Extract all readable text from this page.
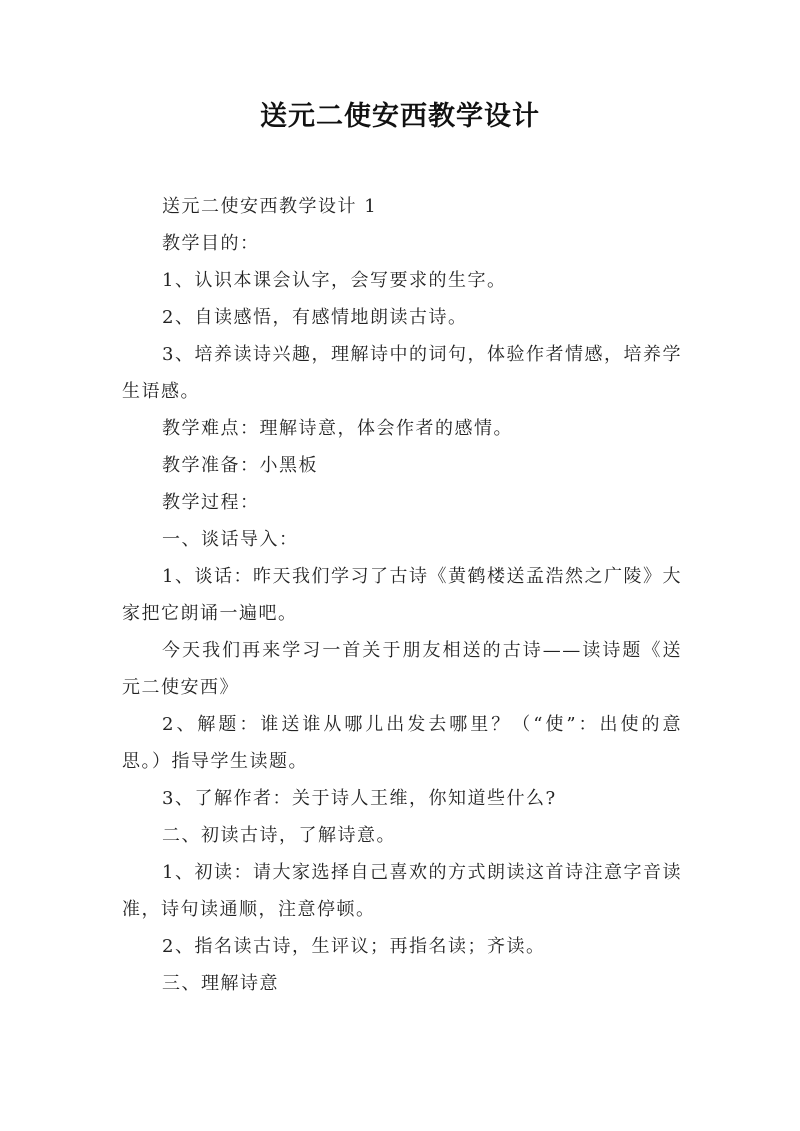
送元二使安西教学设计

送元二使安西教学设计 1

教学目的：

1、认识本课会认字，会写要求的生字。

2、自读感悟，有感情地朗读古诗。

3、培养读诗兴趣，理解诗中的词句，体验作者情感，培养学生语感。

教学难点：理解诗意，体会作者的感情。

教学准备：小黑板

教学过程：

一、谈话导入：

1、谈话：昨天我们学习了古诗《黄鹤楼送孟浩然之广陵》大家把它朗诵一遍吧。

今天我们再来学习一首关于朋友相送的古诗——读诗题《送元二使安西》

2、解题：谁送谁从哪儿出发去哪里？（“使”：出使的意思。）指导学生读题。

3、了解作者：关于诗人王维，你知道些什么?

二、初读古诗，了解诗意。

1、初读：请大家选择自己喜欢的方式朗读这首诗注意字音读准，诗句读通顺，注意停顿。

2、指名读古诗，生评议；再指名读；齐读。

三、理解诗意
